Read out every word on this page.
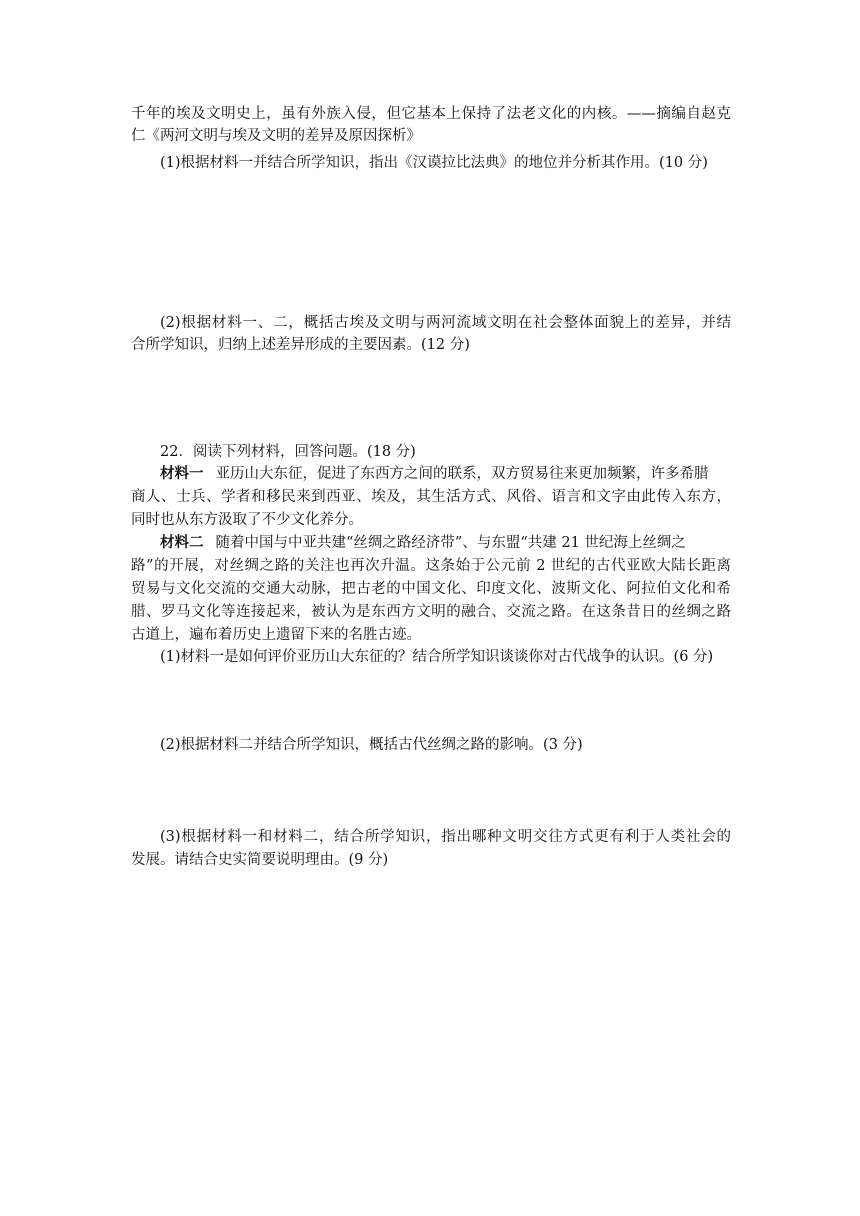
千年的埃及文明史上，虽有外族入侵，但它基本上保持了法老文化的内核。——摘编自赵克
仁《两河文明与埃及文明的差异及原因探析》
(1)根据材料一并结合所学知识，指出《汉谟拉比法典》的地位并分析其作用。(10 分)
(2)根据材料一、二，概括古埃及文明与两河流域文明在社会整体面貌上的差异，并结
合所学知识，归纳上述差异形成的主要因素。(12 分)
22．阅读下列材料，回答问题。(18 分)
材料一 亚历山大东征，促进了东西方之间的联系，双方贸易往来更加频繁，许多希腊
商人、士兵、学者和移民来到西亚、埃及，其生活方式、风俗、语言和文字由此传入东方，
同时也从东方汲取了不少文化养分。
材料二 随着中国与中亚共建“丝绸之路经济带”、与东盟“共建 21 世纪海上丝绸之
路”的开展，对丝绸之路的关注也再次升温。这条始于公元前 2 世纪的古代亚欧大陆长距离
贸易与文化交流的交通大动脉，把古老的中国文化、印度文化、波斯文化、阿拉伯文化和希
腊、罗马文化等连接起来，被认为是东西方文明的融合、交流之路。在这条昔日的丝绸之路
古道上，遍布着历史上遗留下来的名胜古迹。
(1)材料一是如何评价亚历山大东征的？结合所学知识谈谈你对古代战争的认识。(6 分)
(2)根据材料二并结合所学知识，概括古代丝绸之路的影响。(3 分)
(3)根据材料一和材料二，结合所学知识，指出哪种文明交往方式更有利于人类社会的
发展。请结合史实简要说明理由。(9 分)
